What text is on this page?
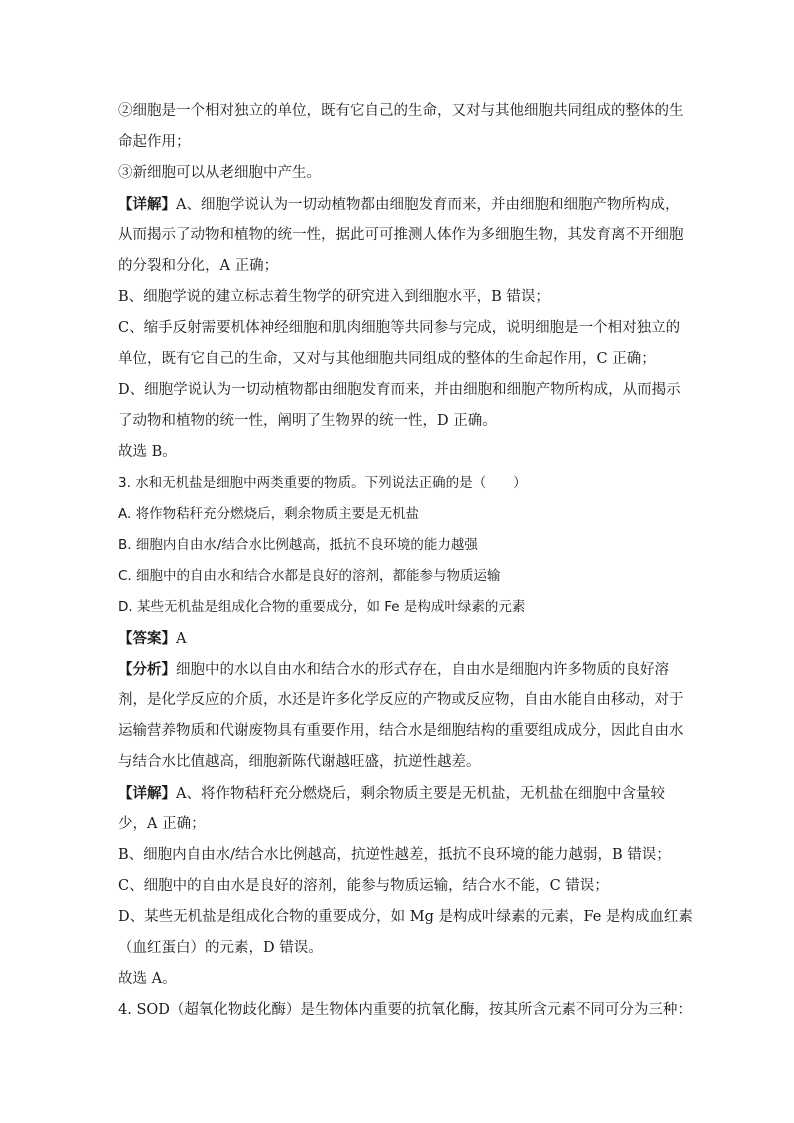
②细胞是一个相对独立的单位，既有它自己的生命，又对与其他细胞共同组成的整体的生
命起作用；
③新细胞可以从老细胞中产生。
【详解】A、细胞学说认为一切动植物都由细胞发育而来，并由细胞和细胞产物所构成，
从而揭示了动物和植物的统一性，据此可可推测人体作为多细胞生物，其发育离不开细胞
的分裂和分化，A 正确；
B、细胞学说的建立标志着生物学的研究进入到细胞水平，B 错误；
C、缩手反射需要机体神经细胞和肌肉细胞等共同参与完成，说明细胞是一个相对独立的
单位，既有它自己的生命，又对与其他细胞共同组成的整体的生命起作用，C 正确；
D、细胞学说认为一切动植物都由细胞发育而来，并由细胞和细胞产物所构成，从而揭示
了动物和植物的统一性，阐明了生物界的统一性，D 正确。
故选 B。
3. 水和无机盐是细胞中两类重要的物质。下列说法正确的是（　　）
A. 将作物秸秆充分燃烧后，剩余物质主要是无机盐
B. 细胞内自由水/结合水比例越高，抵抗不良环境的能力越强
C. 细胞中的自由水和结合水都是良好的溶剂，都能参与物质运输
D. 某些无机盐是组成化合物的重要成分，如 Fe 是构成叶绿素的元素
【答案】A
【分析】细胞中的水以自由水和结合水的形式存在，自由水是细胞内许多物质的良好溶
剂，是化学反应的介质，水还是许多化学反应的产物或反应物，自由水能自由移动，对于
运输营养物质和代谢废物具有重要作用，结合水是细胞结构的重要组成成分，因此自由水
与结合水比值越高，细胞新陈代谢越旺盛，抗逆性越差。
【详解】A、将作物秸秆充分燃烧后，剩余物质主要是无机盐，无机盐在细胞中含量较
少，A 正确；
B、细胞内自由水/结合水比例越高，抗逆性越差，抵抗不良环境的能力越弱，B 错误；
C、细胞中的自由水是良好的溶剂，能参与物质运输，结合水不能，C 错误；
D、某些无机盐是组成化合物的重要成分，如 Mg 是构成叶绿素的元素，Fe 是构成血红素
（血红蛋白）的元素，D 错误。
故选 A。
4. SOD（超氧化物歧化酶）是生物体内重要的抗氧化酶，按其所含元素不同可分为三种：
